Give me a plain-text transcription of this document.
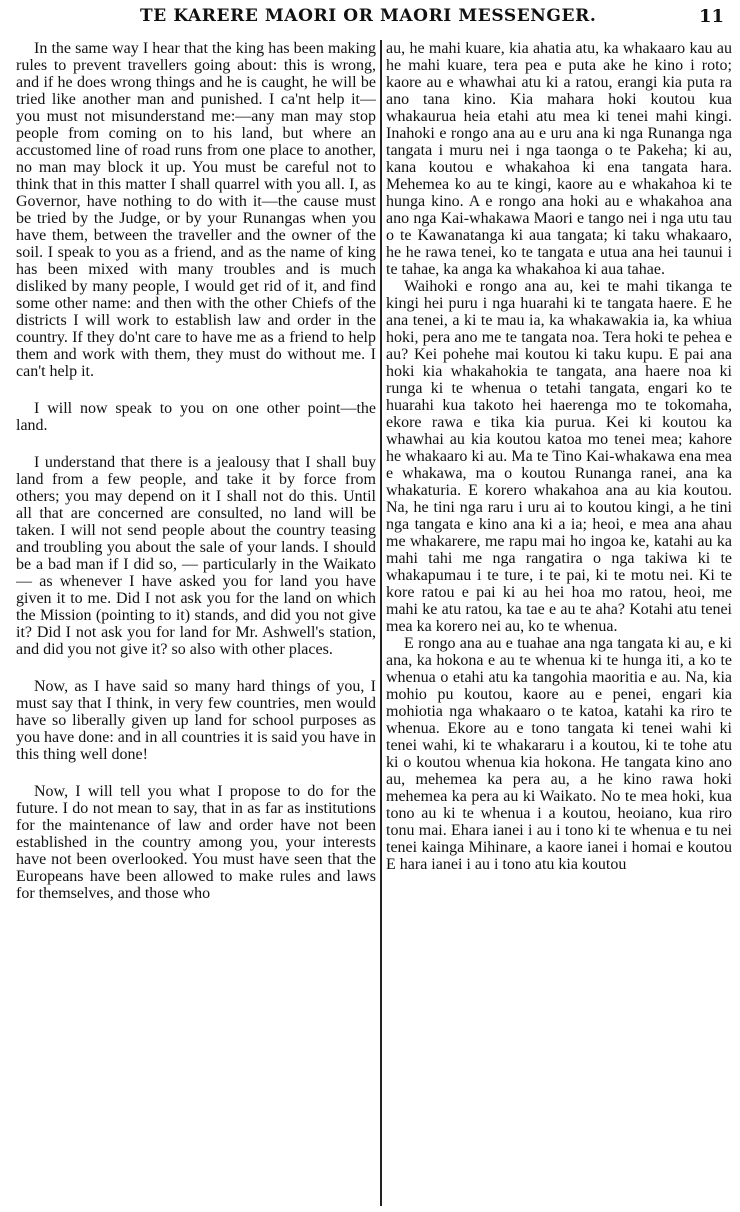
TE KARERE MAORI OR MAORI MESSENGER.	11

In the same way I hear that the king has been making rules to prevent travellers going about: this is wrong, and if he does wrong things and he is caught, he will be tried like another man and punished. I ca'nt help it—you must not misunderstand me:—any man may stop people from coming on to his land, but where an accustomed line of road runs from one place to another, no man may block it up. You must be careful not to think that in this matter I shall quarrel with you all. I, as Governor, have nothing to do with it—the cause must be tried by the Judge, or by your Runangas when you have them, between the traveller and the owner of the soil. I speak to you as a friend, and as the name of king has been mixed with many troubles and is much disliked by many people, I would get rid of it, and find some other name: and then with the other Chiefs of the districts I will work to establish law and order in the country. If they do'nt care to have me as a friend to help them and work with them, they must do without me. I can't help it.

I will now speak to you on one other point—the land.

I understand that there is a jealousy that I shall buy land from a few people, and take it by force from others; you may depend on it I shall not do this. Until all that are concerned are consulted, no land will be taken. I will not send people about the country teasing and troubling you about the sale of your lands. I should be a bad man if I did so, — particularly in the Waikato — as whenever I have asked you for land you have given it to me. Did I not ask you for the land on which the Mission (pointing to it) stands, and did you not give it? Did I not ask you for land for Mr. Ashwell's station, and did you not give it? so also with other places.

Now, as I have said so many hard things of you, I must say that I think, in very few countries, men would have so liberally given up land for school purposes as you have done: and in all countries it is said you have in this thing well done!

Now, I will tell you what I propose to do for the future. I do not mean to say, that in as far as institutions for the maintenance of law and order have not been established in the country among you, your interests have not been overlooked. You must have seen that the Europeans have been allowed to make rules and laws for themselves, and those who

au, he mahi kuare, kia ahatia atu, ka whakaaro kau au he mahi kuare, tera pea e puta ake he kino i roto; kaore au e whawhai atu ki a ratou, erangi kia puta ra ano tana kino. Kia mahara hoki koutou kua whakaurua heia etahi atu mea ki tenei mahi kingi. Inahoki e rongo ana au e uru ana ki nga Runanga nga tangata i muru nei i nga taonga o te Pakeha; ki au, kana koutou e whakahoa ki ena tangata hara. Mehemea ko au te kingi, kaore au e whakahoa ki te hunga kino. A e rongo ana hoki au e whakahoa ana ano nga Kai-whakawa Maori e tango nei i nga utu tau o te Kawanatanga ki aua tangata; ki taku whakaaro, he he rawa tenei, ko te tangata e utua ana hei taunui i te tahae, ka anga ka whakahoa ki aua tahae.

Waihoki e rongo ana au, kei te mahi tikanga te kingi hei puru i nga huarahi ki te tangata haere. E he ana tenei, a ki te mau ia, ka whakawakia ia, ka whiua hoki, pera ano me te tangata noa. Tera hoki te pehea e au? Kei pohehe mai koutou ki taku kupu. E pai ana hoki kia whakahokia te tangata, ana haere noa ki runga ki te whenua o tetahi tangata, engari ko te huarahi kua takoto hei haerenga mo te tokomaha, ekore rawa e tika kia purua. Kei ki koutou ka whawhai au kia koutou katoa mo tenei mea; kahore he whakaaro ki au. Ma te Tino Kai-whakawa ena mea e whakawa, ma o koutou Runanga ranei, ana ka whakaturia. E korero whakahoa ana au kia koutou. Na, he tini nga raru i uru ai to koutou kingi, a he tini nga tangata e kino ana ki a ia; heoi, e mea ana ahau me whakarere, me rapu mai ho ingoa ke, katahi au ka mahi tahi me nga rangatira o nga takiwa ki te whakapumau i te ture, i te pai, ki te motu nei. Ki te kore ratou e pai ki au hei hoa mo ratou, heoi, me mahi ke atu ratou, ka tae e au te aha? Kotahi atu tenei mea ka korero nei au, ko te whenua.

E rongo ana au e tuahae ana nga tangata ki au, e ki ana, ka hokona e au te whenua ki te hunga iti, a ko te whenua o etahi atu ka tangohia maoritia e au. Na, kia mohio pu koutou, kaore au e penei, engari kia mohiotia nga whakaaro o te katoa, katahi ka riro te whenua. Ekore au e tono tangata ki tenei wahi ki tenei wahi, ki te whakararu i a koutou, ki te tohe atu ki o koutou whenua kia hokona. He tangata kino ano au, mehemea ka pera au, a he kino rawa hoki mehemea ka pera au ki Waikato. No te mea hoki, kua tono au ki te whenua i a koutou, heoiano, kua riro tonu mai. Ehara ianei i au i tono ki te whenua e tu nei tenei kainga Mihinare, a kaore ianei i homai e koutou E hara ianei i au i tono atu kia koutou
